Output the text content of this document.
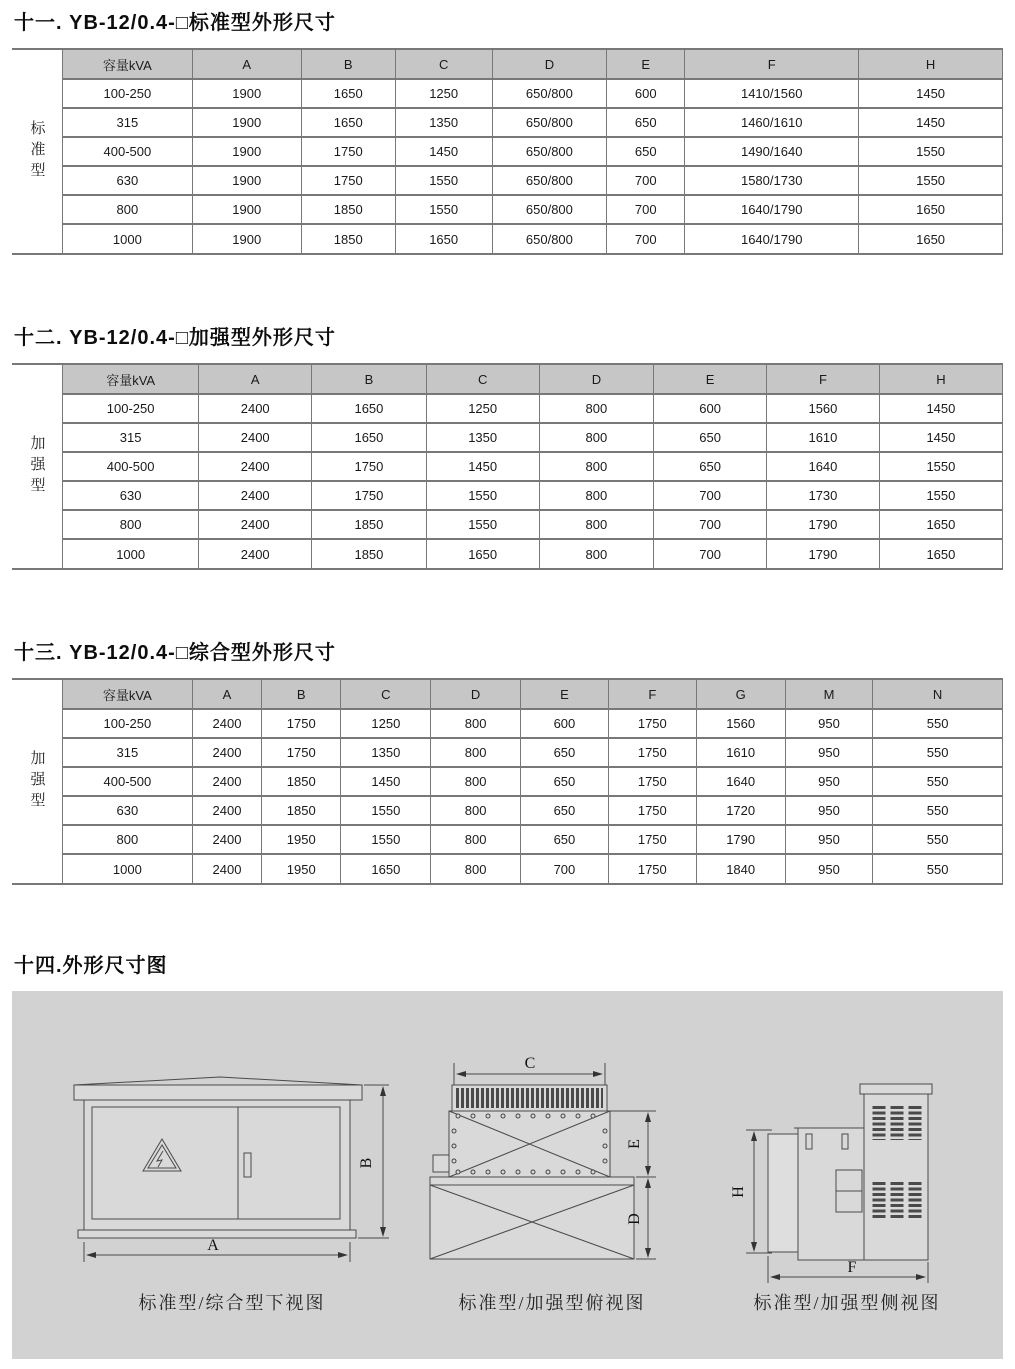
十一. YB-12/0.4-□标准型外形尺寸
标准型
容量kVA	A	B	C	D	E	F	H
100-250	1900	1650	1250	650/800	600	1410/1560	1450
315	1900	1650	1350	650/800	650	1460/1610	1450
400-500	1900	1750	1450	650/800	650	1490/1640	1550
630	1900	1750	1550	650/800	700	1580/1730	1550
800	1900	1850	1550	650/800	700	1640/1790	1650
1000	1900	1850	1650	650/800	700	1640/1790	1650
十二. YB-12/0.4-□加强型外形尺寸
加强型
容量kVA	A	B	C	D	E	F	H
100-250	2400	1650	1250	800	600	1560	1450
315	2400	1650	1350	800	650	1610	1450
400-500	2400	1750	1450	800	650	1640	1550
630	2400	1750	1550	800	700	1730	1550
800	2400	1850	1550	800	700	1790	1650
1000	2400	1850	1650	800	700	1790	1650
十三. YB-12/0.4-□综合型外形尺寸
加强型
容量kVA	A	B	C	D	E	F	G	M	N
100-250	2400	1750	1250	800	600	1750	1560	950	550
315	2400	1750	1350	800	650	1750	1610	950	550
400-500	2400	1850	1450	800	650	1750	1640	950	550
630	2400	1850	1550	800	650	1750	1720	950	550
800	2400	1950	1550	800	650	1750	1790	950	550
1000	2400	1950	1650	800	700	1750	1840	950	550
十四.外形尺寸图
A
B
标准型/综合型下视图
C
E
D
标准型/加强型俯视图
H
F
标准型/加强型侧视图
